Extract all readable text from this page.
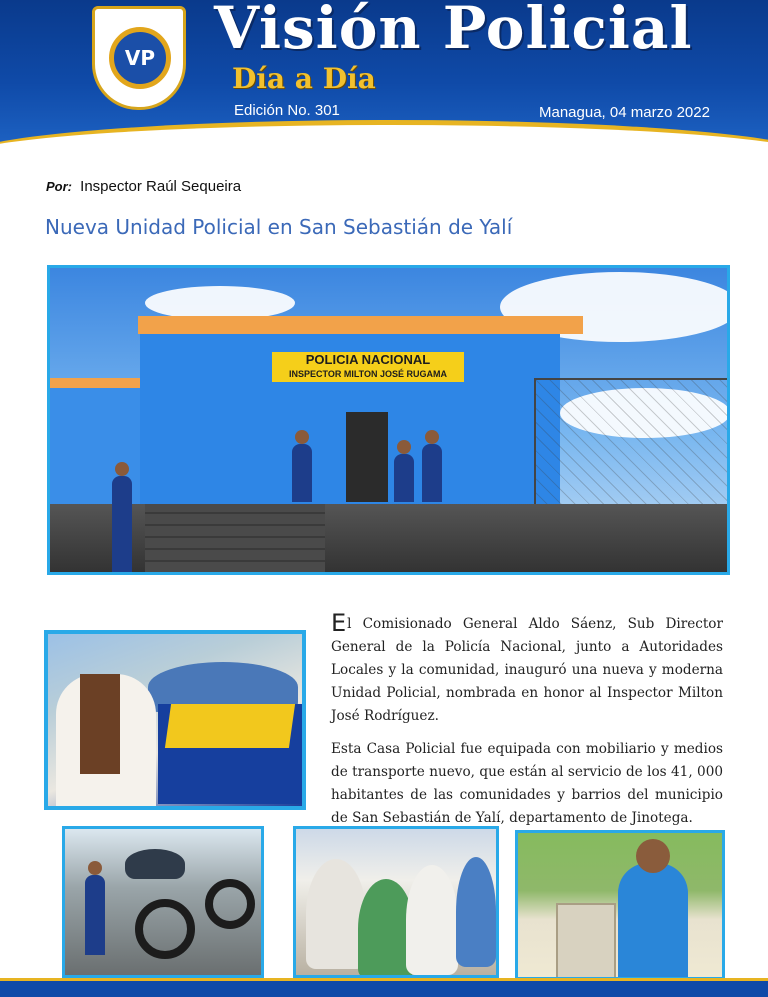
VP Visión Policial
Día a Día
Edición No. 301	Managua, 04 marzo 2022
Por: Inspector Raúl Sequeira
Nueva Unidad Policial en San Sebastián de Yalí
POLICIA NACIONAL
INSPECTOR MILTON JOSÉ RUGAMA

El Comisionado General Aldo Sáenz, Sub Director General de la Policía Nacional, junto a Autoridades Locales y la comunidad, inauguró una nueva y moderna Unidad Policial, nombrada en honor al Inspector Milton José Rodríguez.

Esta Casa Policial fue equipada con mobiliario y medios de transporte nuevo, que están al servicio de los 41, 000 habitantes de las comunidades y barrios del municipio de San Sebastián de Yalí, departamento de Jinotega.
